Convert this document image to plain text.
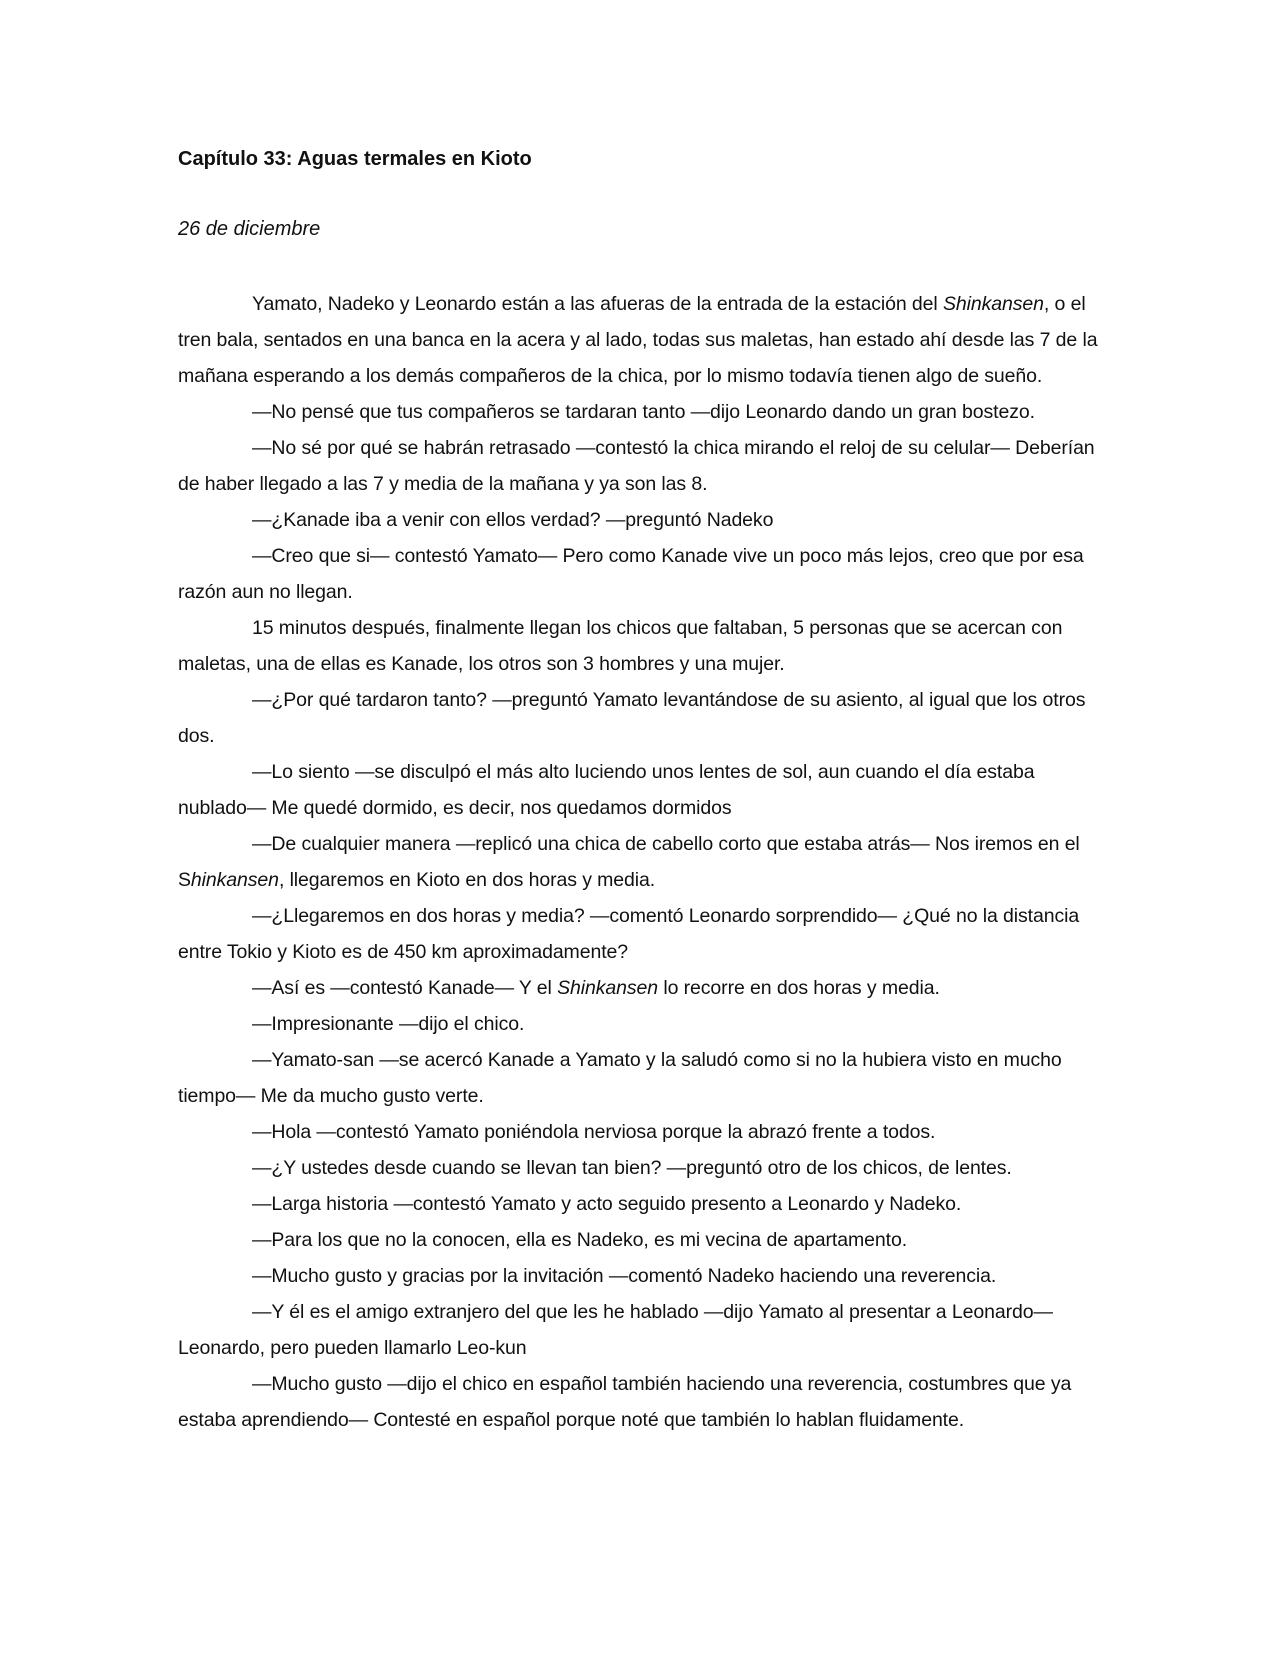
Capítulo 33: Aguas termales en Kioto

26 de diciembre

Yamato, Nadeko y Leonardo están a las afueras de la entrada de la estación del Shinkansen, o el tren bala, sentados en una banca en la acera y al lado, todas sus maletas, han estado ahí desde las 7 de la mañana esperando a los demás compañeros de la chica, por lo mismo todavía tienen algo de sueño.

—No pensé que tus compañeros se tardaran tanto —dijo Leonardo dando un gran bostezo.

—No sé por qué se habrán retrasado —contestó la chica mirando el reloj de su celular— Deberían de haber llegado a las 7 y media de la mañana y ya son las 8.

—¿Kanade iba a venir con ellos verdad? —preguntó Nadeko

—Creo que si— contestó Yamato— Pero como Kanade vive un poco más lejos, creo que por esa razón aun no llegan.

15 minutos después, finalmente llegan los chicos que faltaban, 5 personas que se acercan con maletas, una de ellas es Kanade, los otros son 3 hombres y una mujer.

—¿Por qué tardaron tanto? —preguntó Yamato levantándose de su asiento, al igual que los otros dos.

—Lo siento —se disculpó el más alto luciendo unos lentes de sol, aun cuando el día estaba nublado— Me quedé dormido, es decir, nos quedamos dormidos

—De cualquier manera —replicó una chica de cabello corto que estaba atrás— Nos iremos en el Shinkansen, llegaremos en Kioto en dos horas y media.

—¿Llegaremos en dos horas y media? —comentó Leonardo sorprendido— ¿Qué no la distancia entre Tokio y Kioto es de 450 km aproximadamente?

—Así es —contestó Kanade— Y el Shinkansen lo recorre en dos horas y media.

—Impresionante —dijo el chico.

—Yamato-san —se acercó Kanade a Yamato y la saludó como si no la hubiera visto en mucho tiempo— Me da mucho gusto verte.

—Hola —contestó Yamato poniéndola nerviosa porque la abrazó frente a todos.

—¿Y ustedes desde cuando se llevan tan bien? —preguntó otro de los chicos, de lentes.

—Larga historia —contestó Yamato y acto seguido presento a Leonardo y Nadeko.

—Para los que no la conocen, ella es Nadeko, es mi vecina de apartamento.

—Mucho gusto y gracias por la invitación —comentó Nadeko haciendo una reverencia.

—Y él es el amigo extranjero del que les he hablado —dijo Yamato al presentar a Leonardo— Leonardo, pero pueden llamarlo Leo-kun

—Mucho gusto —dijo el chico en español también haciendo una reverencia, costumbres que ya estaba aprendiendo— Contesté en español porque noté que también lo hablan fluidamente.
